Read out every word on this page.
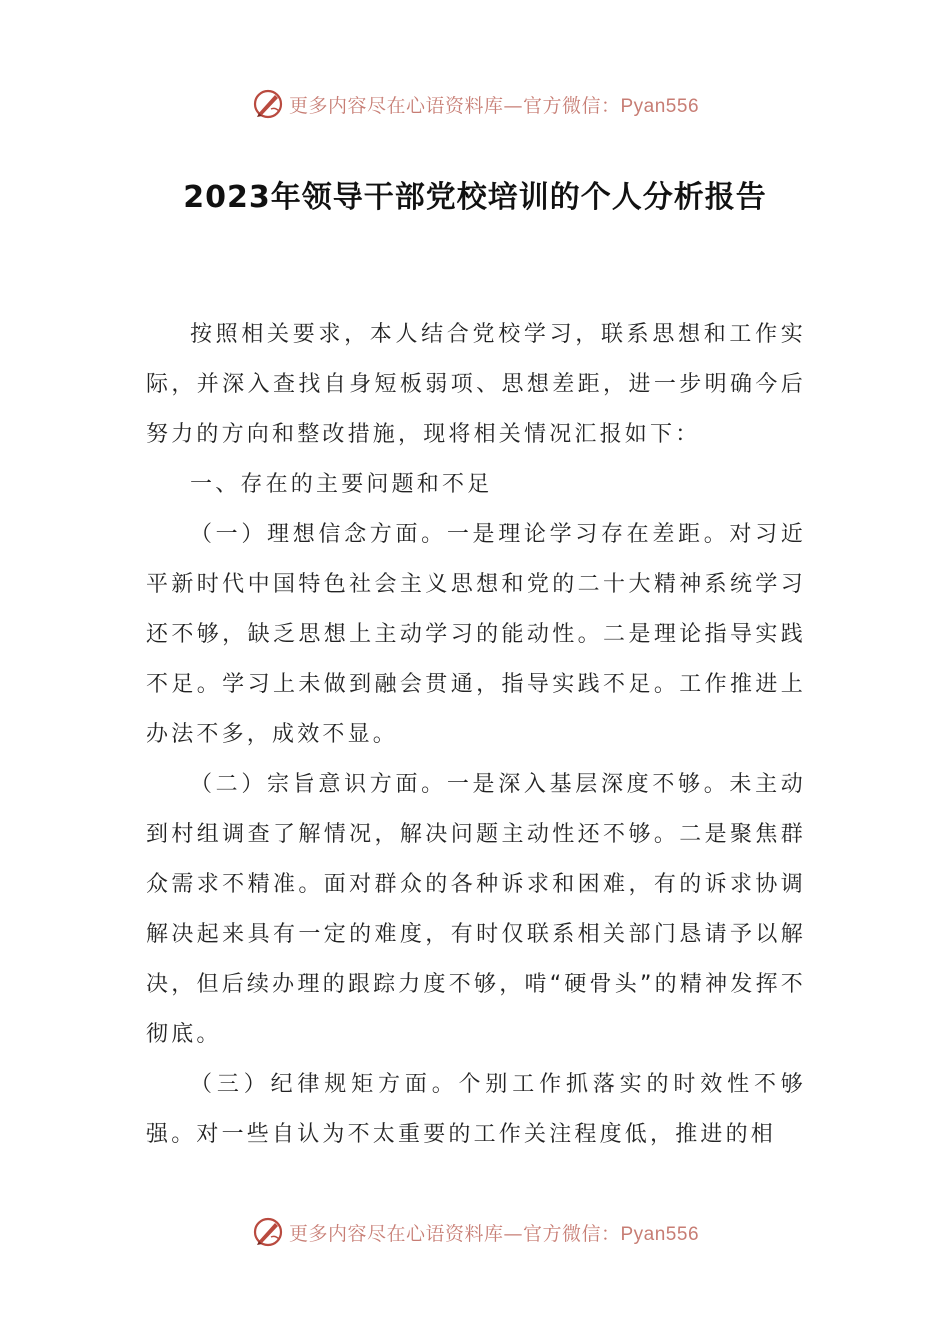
更多内容尽在心语资料库—官方微信：Pyan556
2023年领导干部党校培训的个人分析报告

按照相关要求，本人结合党校学习，联系思想和工作实际，并深入查找自身短板弱项、思想差距，进一步明确今后努力的方向和整改措施，现将相关情况汇报如下：

一、存在的主要问题和不足

（一）理想信念方面。一是理论学习存在差距。对习近平新时代中国特色社会主义思想和党的二十大精神系统学习还不够，缺乏思想上主动学习的能动性。二是理论指导实践不足。学习上未做到融会贯通，指导实践不足。工作推进上办法不多，成效不显。

（二）宗旨意识方面。一是深入基层深度不够。未主动到村组调查了解情况，解决问题主动性还不够。二是聚焦群众需求不精准。面对群众的各种诉求和困难，有的诉求协调解决起来具有一定的难度，有时仅联系相关部门恳请予以解决，但后续办理的跟踪力度不够，啃“硬骨头”的精神发挥不彻底。

（三）纪律规矩方面。个别工作抓落实的时效性不够强。对一些自认为不太重要的工作关注程度低，推进的相

更多内容尽在心语资料库—官方微信：Pyan556
